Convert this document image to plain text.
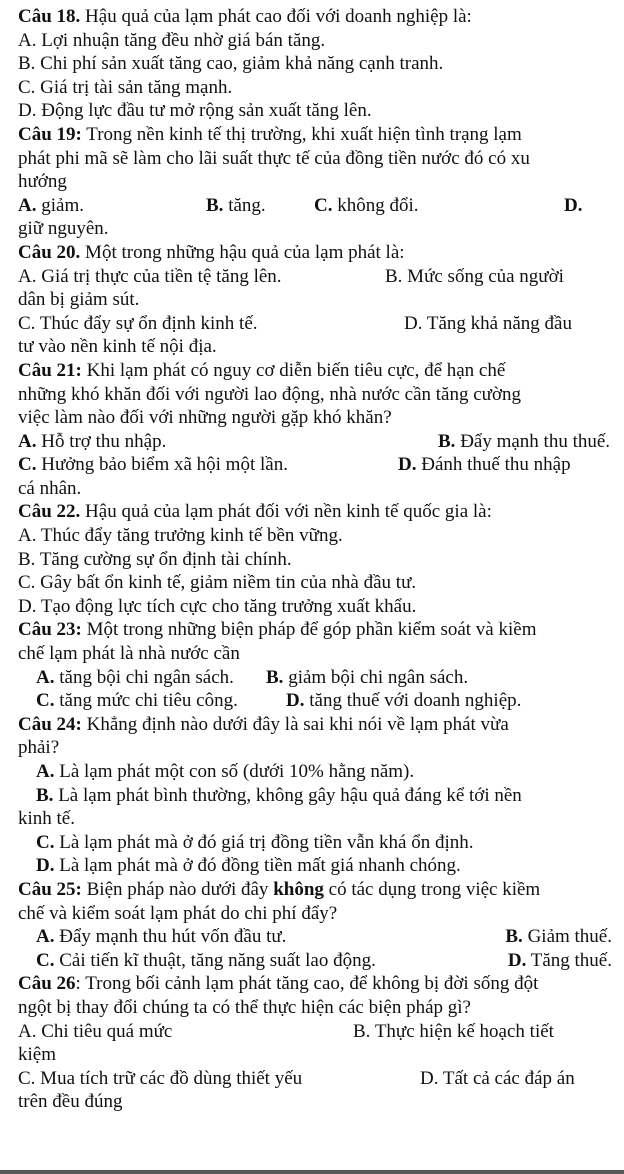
Câu 18. Hậu quả của lạm phát cao đối với doanh nghiệp là:
A. Lợi nhuận tăng đều nhờ giá bán tăng.
B. Chi phí sản xuất tăng cao, giảm khả năng cạnh tranh.
C. Giá trị tài sản tăng mạnh.
D. Động lực đầu tư mở rộng sản xuất tăng lên.
Câu 19: Trong nền kinh tế thị trường, khi xuất hiện tình trạng lạm
phát phi mã sẽ làm cho lãi suất thực tế của đồng tiền nước đó có xu
hướng
A. giảm.	B. tăng.	C. không đổi.	D.
giữ nguyên.
Câu 20. Một trong những hậu quả của lạm phát là:
A. Giá trị thực của tiền tệ tăng lên.	B. Mức sống của người
dân bị giảm sút.
C. Thúc đẩy sự ổn định kinh tế.	D. Tăng khả năng đầu
tư vào nền kinh tế nội địa.
Câu 21: Khi lạm phát có nguy cơ diễn biến tiêu cực, để hạn chế
những khó khăn đối với người lao động, nhà nước cần tăng cường
việc làm nào đối với những người gặp khó khăn?
A. Hỗ trợ thu nhập.	B. Đẩy mạnh thu thuế.
C. Hưởng bảo biểm xã hội một lần.	D. Đánh thuế thu nhập
cá nhân.
Câu 22. Hậu quả của lạm phát đối với nền kinh tế quốc gia là:
A. Thúc đẩy tăng trưởng kinh tế bền vững.
B. Tăng cường sự ổn định tài chính.
C. Gây bất ổn kinh tế, giảm niềm tin của nhà đầu tư.
D. Tạo động lực tích cực cho tăng trưởng xuất khẩu.
Câu 23: Một trong những biện pháp để góp phần kiểm soát và kiềm
chế lạm phát là nhà nước cần
A. tăng bội chi ngân sách.	B. giảm bội chi ngân sách.
C. tăng mức chi tiêu công.	D. tăng thuế với doanh nghiệp.
Câu 24: Khẳng định nào dưới đây là sai khi nói về lạm phát vừa
phải?
A. Là lạm phát một con số (dưới 10% hằng năm).
B. Là lạm phát bình thường, không gây hậu quả đáng kể tới nền
kinh tế.
C. Là lạm phát mà ở đó giá trị đồng tiền vẫn khá ổn định.
D. Là lạm phát mà ở đó đồng tiền mất giá nhanh chóng.
Câu 25: Biện pháp nào dưới đây không có tác dụng trong việc kiềm
chế và kiểm soát lạm phát do chi phí đẩy?
A. Đẩy mạnh thu hút vốn đầu tư.	B. Giảm thuế.
C. Cải tiến kĩ thuật, tăng năng suất lao động.	D. Tăng thuế.
Câu 26: Trong bối cảnh lạm phát tăng cao, để không bị đời sống đột
ngột bị thay đổi chúng ta có thể thực hiện các biện pháp gì?
A. Chi tiêu quá mức	B. Thực hiện kế hoạch tiết
kiệm
C. Mua tích trữ các đồ dùng thiết yếu	D. Tất cả các đáp án
trên đều đúng
